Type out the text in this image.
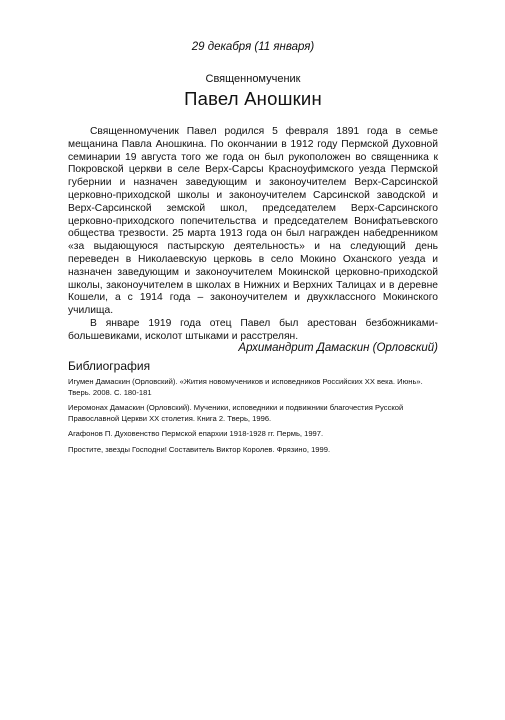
29 декабря (11 января)
Священномученик
Павел Аношкин

Священномученик Павел родился 5 февраля 1891 года в семье мещанина Павла Аношкина. По окончании в 1912 году Пермской Духовной семинарии 19 августа того же года он был рукоположен во священника к Покровской церкви в селе Верх-Сарсы Красноуфимского уезда Пермской губернии и назначен заведующим и законоучителем Верх-Сарсинской церковно-приходской школы и законоучителем Сарсинской заводской и Верх-Сарсинской земской школ, председателем Верх-Сарсинского церковно-приходского попечительства и председателем Вонифатьевского общества трезвости. 25 марта 1913 года он был награжден набедренником «за выдающуюся пастырскую деятельность» и на следующий день переведен в Николаевскую церковь в село Мокино Оханского уезда и назначен заведующим и законоучителем Мокинской церковно-приходской школы, законоучителем в школах в Нижних и Верхних Талицах и в деревне Кошели, а с 1914 года – законоучителем и двухклассного Мокинского училища.

В январе 1919 года отец Павел был арестован безбожниками-большевиками, исколот штыками и расстрелян.

Архимандрит Дамаскин (Орловский)
Библиография
Игумен Дамаскин (Орловский). «Жития новомучеников и исповедников Российских XX века. Июнь». Тверь. 2008. С. 180-181
Иеромонах Дамаскин (Орловский). Мученики, исповедники и подвижники благочестия Русской Православной Церкви XX столетия. Книга 2. Тверь, 1996.
Агафонов П. Духовенство Пермской епархии 1918-1928 гг. Пермь, 1997.
Простите, звезды Господни! Составитель Виктор Королев. Фрязино, 1999.
